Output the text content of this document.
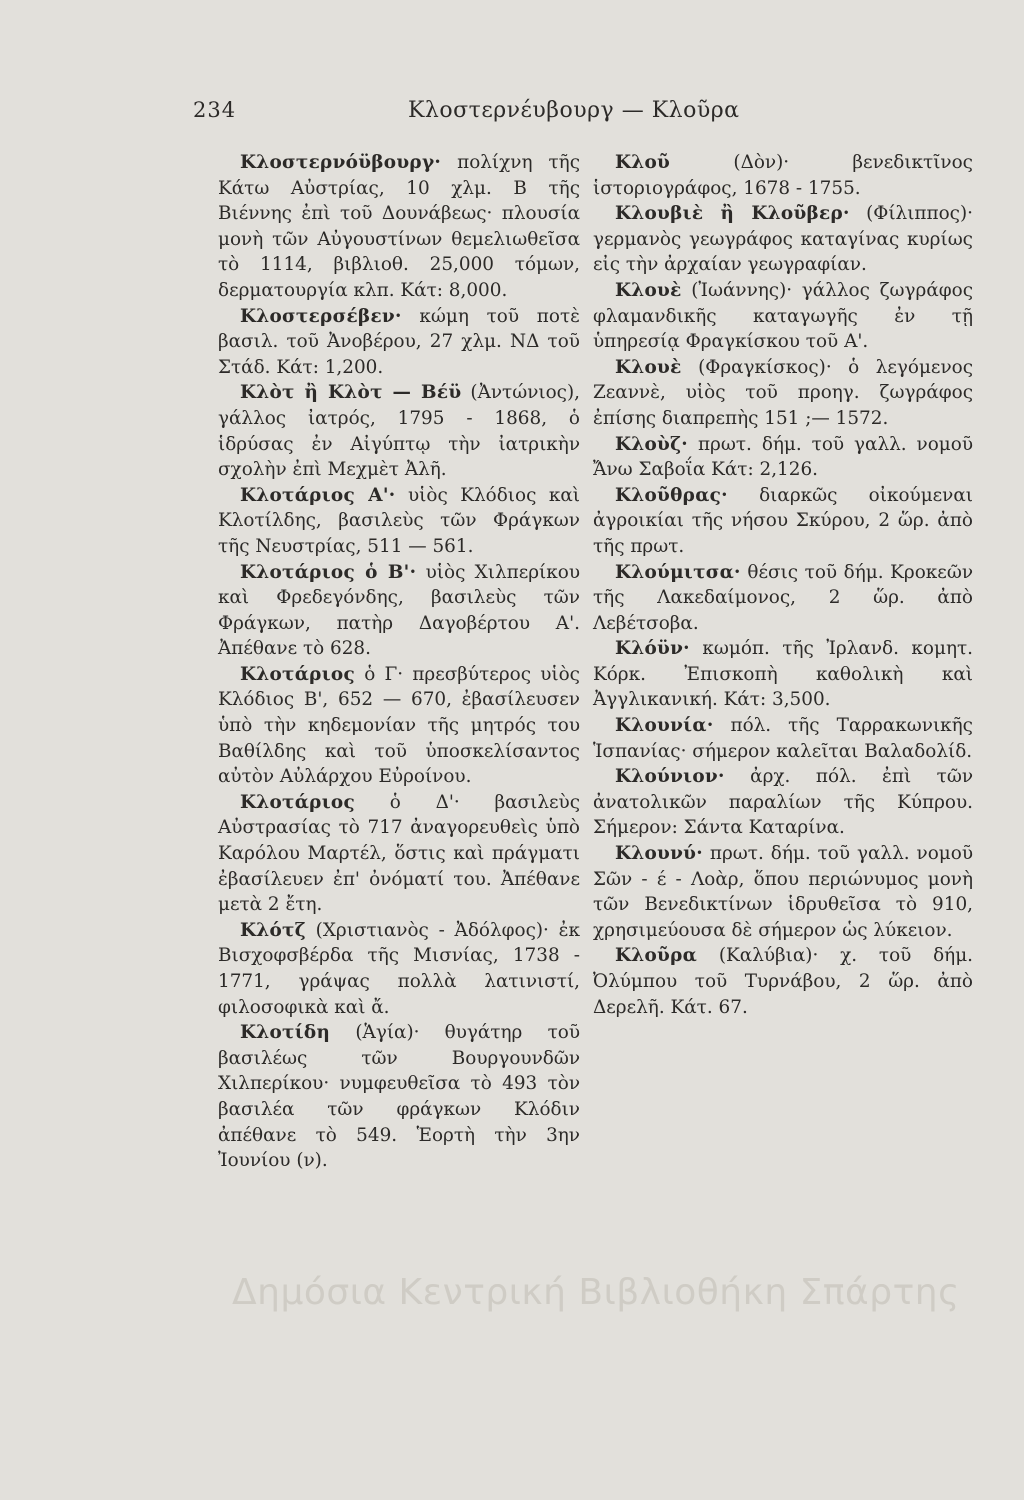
234	Κλοστερνέυβουργ — Κλοῦρα

Κλοστερνόϋβουργ· πολίχνη τῆς Κάτω Αὐστρίας, 10 χλμ. Β τῆς Βιέννης ἐπὶ τοῦ Δουνάβεως· πλουσία μονὴ τῶν Αὐγουστίνων θεμελιωθεῖσα τὸ 1114, βιβλιοθ. 25,000 τόμων, δερματουργία κλπ. Κάτ: 8,000.

Κλοστερσέβεν· κώμη τοῦ ποτὲ βασιλ. τοῦ Ἀνοβέρου, 27 χλμ. ΝΔ τοῦ Στάδ. Κάτ: 1,200.

Κλὸτ ἢ Κλὸτ — Βέϋ (Ἀντώνιος), γάλλος ἰατρός, 1795 - 1868, ὁ ἱδρύσας ἐν Αἰγύπτῳ τὴν ἰατρικὴν σχολὴν ἐπὶ Μεχμὲτ Ἀλῆ.

Κλοτάριος Α'· υἱὸς Κλόδιος καὶ Κλοτίλδης, βασιλεὺς τῶν Φράγκων τῆς Νευστρίας, 511 — 561.

Κλοτάριος ὁ Β'· υἱὸς Χιλπερίκου καὶ Φρεδεγόνδης, βασιλεὺς τῶν Φράγκων, πατὴρ Δαγοβέρτου Α'. Ἀπέθανε τὸ 628.

Κλοτάριος ὁ Γ· πρεσβύτερος υἱὸς Κλόδιος Β', 652 — 670, ἐβασίλευσεν ὑπὸ τὴν κηδεμονίαν τῆς μητρός του Βαθίλδης καὶ τοῦ ὑποσκελίσαντος αὐτὸν Αὐλάρχου Εὐροίνου.

Κλοτάριος ὁ Δ'· βασιλεὺς Αὐστρασίας τὸ 717 ἀναγορευθεὶς ὑπὸ Καρόλου Μαρτέλ, ὅστις καὶ πράγματι ἐβασίλευεν ἐπ' ὀνόματί του. Ἀπέθανε μετὰ 2 ἔτη.

Κλότζ (Χριστιανὸς - Ἀδόλφος)· ἐκ Βισχοφσβέρδα τῆς Μισνίας, 1738 - 1771, γράψας πολλὰ λατινιστί, φιλοσοφικὰ καὶ ἄ.

Κλοτίδη (Ἁγία)· θυγάτηρ τοῦ βασιλέως τῶν Βουργουνδῶν Χιλπερίκου· νυμφευθεῖσα τὸ 493 τὸν βασιλέα τῶν φράγκων Κλόδιν ἀπέθανε τὸ 549. Ἑορτὴ τὴν 3ην Ἰουνίου (ν).

Κλοῦ (Δὸν)· βενεδικτῖνος ἱστοριογράφος, 1678 - 1755.

Κλουβιὲ ἢ Κλοῦβερ· (Φίλιππος)· γερμανὸς γεωγράφος καταγίνας κυρίως εἰς τὴν ἀρχαίαν γεωγραφίαν.

Κλουὲ (Ἰωάννης)· γάλλος ζωγράφος φλαμανδικῆς καταγωγῆς ἐν τῇ ὑπηρεσίᾳ Φραγκίσκου τοῦ Α'.

Κλουὲ (Φραγκίσκος)· ὁ λεγόμενος Ζεαννὲ, υἱὸς τοῦ προηγ. ζωγράφος ἐπίσης διαπρεπὴς 151 ;— 1572.

Κλοὺζ· πρωτ. δήμ. τοῦ γαλλ. νομοῦ Ἄνω Σαβοΐα Κάτ: 2,126.

Κλοῦθρας· διαρκῶς οἰκούμεναι ἀγροικίαι τῆς νήσου Σκύρου, 2 ὥρ. ἀπὸ τῆς πρωτ.

Κλούμιτσα· θέσις τοῦ δήμ. Κροκεῶν τῆς Λακεδαίμονος, 2 ὥρ. ἀπὸ Λεβέτσοβα.

Κλόϋν· κωμόπ. τῆς Ἰρλανδ. κομητ. Κόρκ. Ἐπισκοπὴ καθολικὴ καὶ Ἀγγλικανική. Κάτ: 3,500.

Κλουνία· πόλ. τῆς Ταρρακωνικῆς Ἱσπανίας· σήμερον καλεῖται Βαλαδολίδ.

Κλούνιον· ἀρχ. πόλ. ἐπὶ τῶν ἀνατολικῶν παραλίων τῆς Κύπρου. Σήμερον: Σάντα Καταρίνα.

Κλουνύ· πρωτ. δήμ. τοῦ γαλλ. νομοῦ Σῶν - έ - Λοὰρ, ὅπου περιώνυμος μονὴ τῶν Βενεδικτίνων ἱδρυθεῖσα τὸ 910, χρησιμεύουσα δὲ σήμερον ὡς λύκειον.

Κλοῦρα (Καλύβια)· χ. τοῦ δήμ. Ὀλύμπου τοῦ Τυρνάβου, 2 ὥρ. ἀπὸ Δερελῆ. Κάτ. 67.

Δημόσια Κεντρική Βιβλιοθήκη Σπάρτης
